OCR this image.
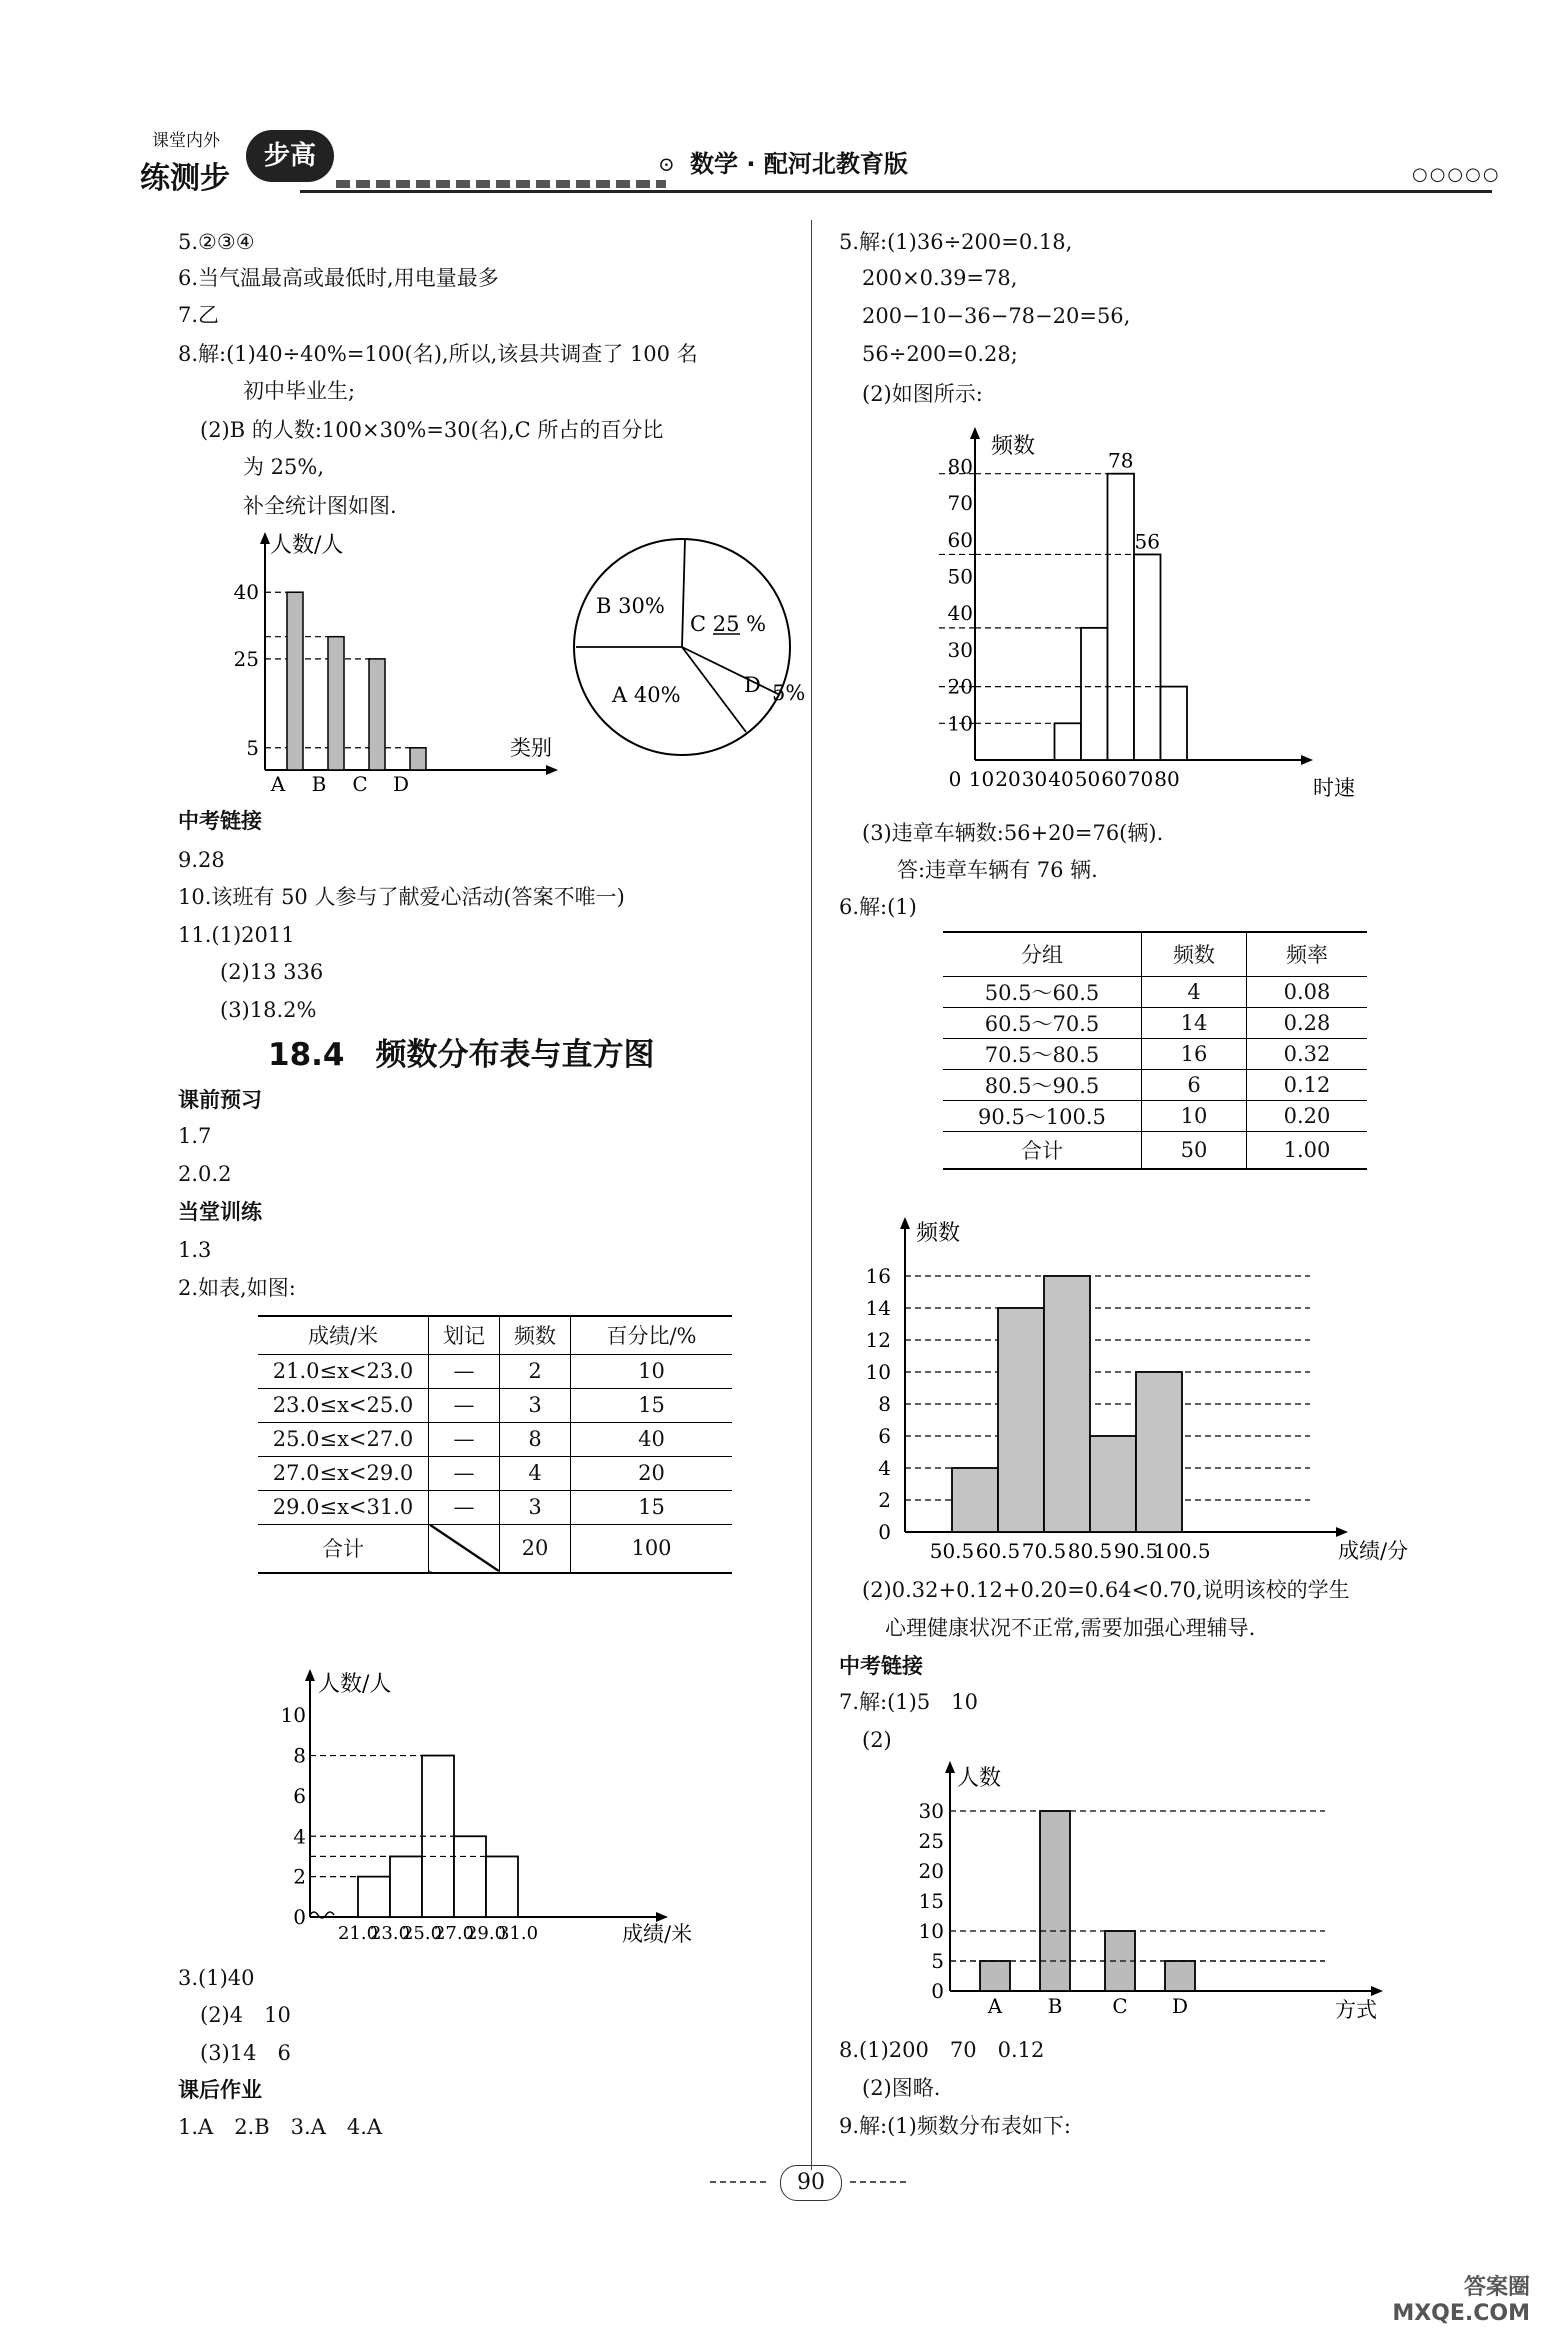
课堂内外
练测步
步高	⊙ 数学 · 配河北教育版	○○○○○
5.②③④
6.当气温最高或最低时,用电量最多
7.乙
8.解:(1)40÷40%=100(名),所以,该县共调查了 100 名
初中毕业生;
(2)B 的人数:100×30%=30(名),C 所占的百分比
为 25%,
补全统计图如图.
人数/人
类别
5
25
40
A B C D
B 30%
C 25 %
D 5%
A 40%
中考链接
9.28
10.该班有 50 人参与了献爱心活动(答案不唯一)
11.(1)2011
(2)13 336
(3)18.2%
18.4　频数分布表与直方图
课前预习
1.7
2.0.2
当堂训练
1.3
2.如表,如图:
成绩/米	划记	频数	百分比/%
21.0≤x<23.0	—	2	10
23.0≤x<25.0	—	3	15
25.0≤x<27.0	—	8	40
27.0≤x<29.0	—	4	20
29.0≤x<31.0	—	3	15
合计		20	100
人数/人
成绩/米
0
2
4
6
8
10
21.0
23.0
25.0
27.0
29.0
31.0
3.(1)40
(2)4　10
(3)14　6
课后作业
1.A　2.B　3.A　4.A
5.解:(1)36÷200=0.18,
200×0.39=78,
200−10−36−78−20=56,
56÷200=0.28;
(2)如图所示:
频数
时速
10
20
30
40
50
60
70
80
0 10 20 30 40 50 60 70 80
78
56
(3)违章车辆数:56+20=76(辆).
答:违章车辆有 76 辆.
6.解:(1)
分组	频数	频率
50.5～60.5	4	0.08
60.5～70.5	14	0.28
70.5～80.5	16	0.32
80.5～90.5	6	0.12
90.5～100.5	10	0.20
合计	50	1.00
频数
成绩/分
0
2
4
6
8
10
12
14
16
50.5 60.5 70.5 80.5 90.5
100.5
(2)0.32+0.12+0.20=0.64<0.70,说明该校的学生
心理健康状况不正常,需要加强心理辅导.
中考链接
7.解:(1)5　10
(2)
人数
方式
0
5
10
15
20
25
30
A B C D
8.(1)200　70　0.12
(2)图略.
9.解:(1)频数分布表如下:
90
答案圈 MXQE.COM
